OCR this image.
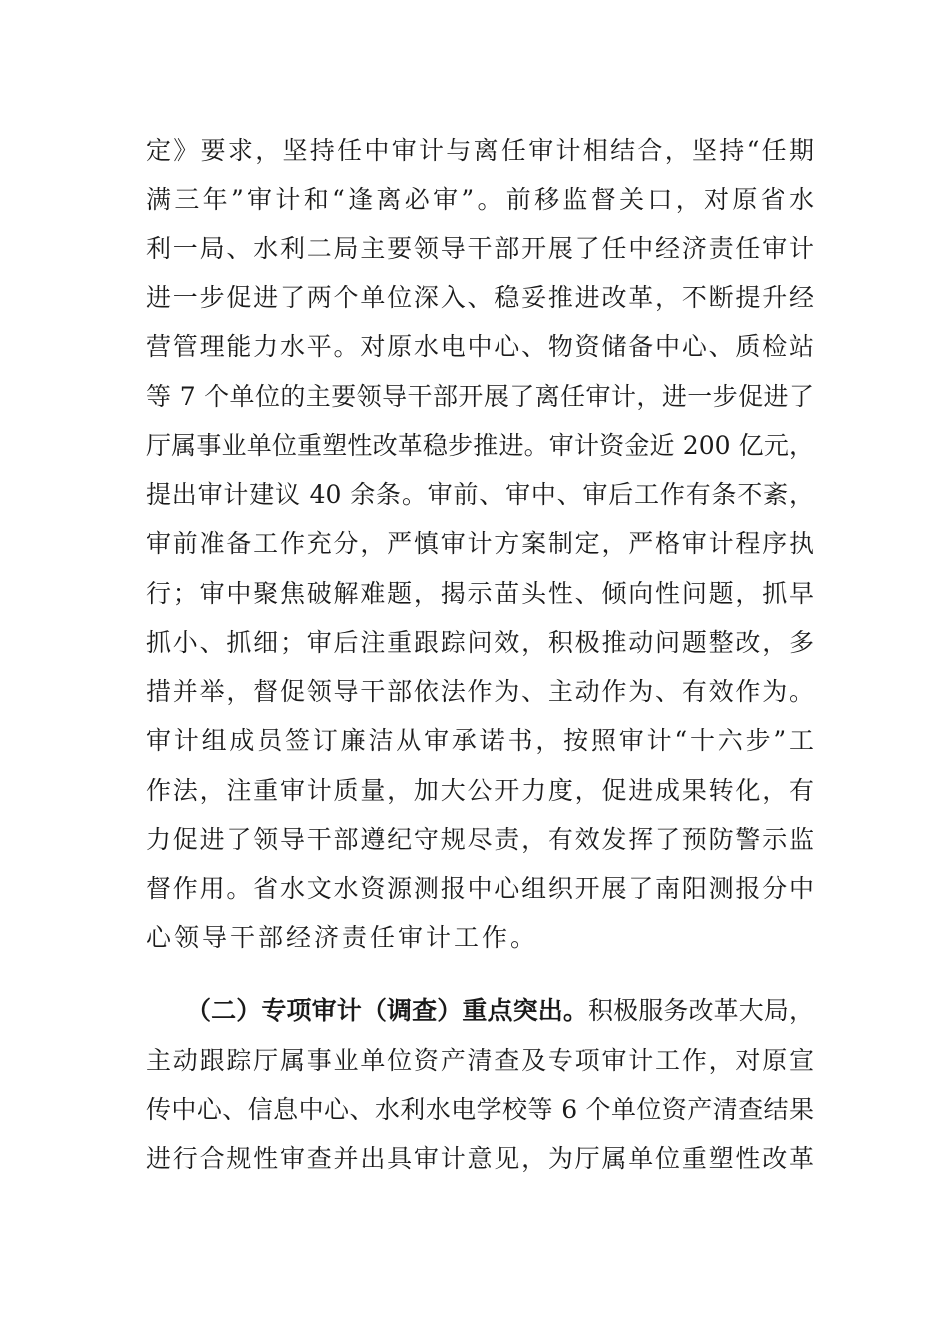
定》要求，坚持任中审计与离任审计相结合，坚持“任期
满三年”审计和“逢离必审”。前移监督关口，对原省水
利一局、水利二局主要领导干部开展了任中经济责任审计
进一步促进了两个单位深入、稳妥推进改革，不断提升经
营管理能力水平。对原水电中心、物资储备中心、质检站
等 7 个单位的主要领导干部开展了离任审计，进一步促进了
厅属事业单位重塑性改革稳步推进。审计资金近 200 亿元，
提出审计建议 40 余条。审前、审中、审后工作有条不紊，
审前准备工作充分，严慎审计方案制定，严格审计程序执
行；审中聚焦破解难题，揭示苗头性、倾向性问题，抓早
抓小、抓细；审后注重跟踪问效，积极推动问题整改，多
措并举，督促领导干部依法作为、主动作为、有效作为。
审计组成员签订廉洁从审承诺书，按照审计“十六步”工
作法，注重审计质量，加大公开力度，促进成果转化，有
力促进了领导干部遵纪守规尽责，有效发挥了预防警示监
督作用。省水文水资源测报中心组织开展了南阳测报分中
心领导干部经济责任审计工作。
（二）专项审计（调查）重点突出。积极服务改革大局，
主动跟踪厅属事业单位资产清查及专项审计工作，对原宣
传中心、信息中心、水利水电学校等 6 个单位资产清查结果
进行合规性审查并出具审计意见，为厅属单位重塑性改革
